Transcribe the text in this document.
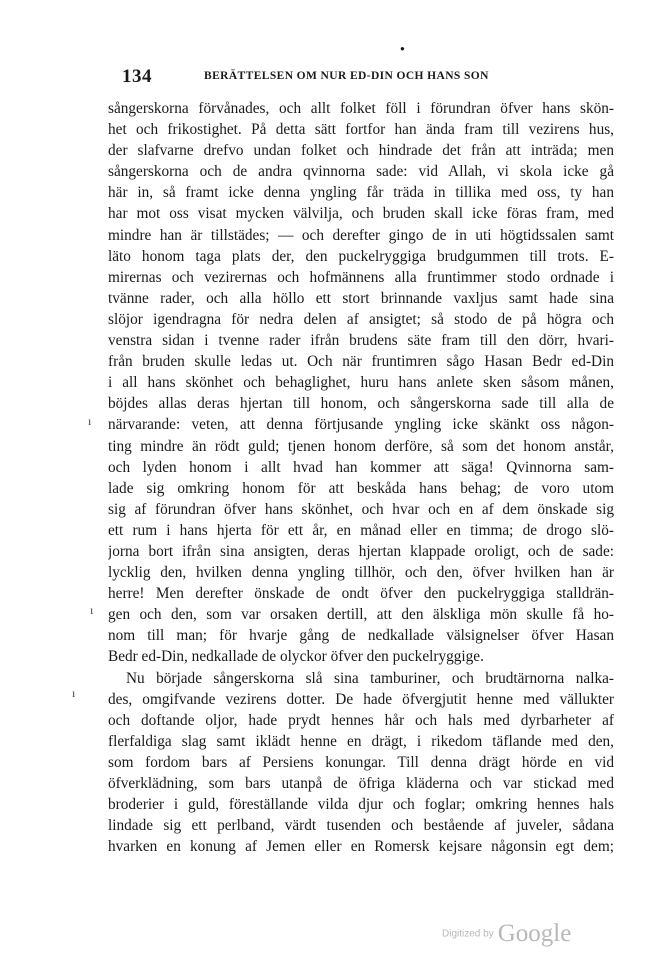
●
134	BERÄTTELSEN OM NUR ED-DIN OCH HANS SON
ı
ı
ı
sångerskorna förvånades, och allt folket föll i förundran öfver hans skön-
het och frikostighet. På detta sätt fortfor han ända fram till vezirens hus,
der slafvarne drefvo undan folket och hindrade det från att inträda; men
sångerskorna och de andra qvinnorna sade: vid Allah, vi skola icke gå
här in, så framt icke denna yngling får träda in tillika med oss, ty han
har mot oss visat mycken välvilja, och bruden skall icke föras fram, med
mindre han är tillstädes; — och derefter gingo de in uti högtidssalen samt
läto honom taga plats der, den puckelryggiga brudgummen till trots. E-
mirernas och vezirernas och hofmännens alla fruntimmer stodo ordnade i
tvänne rader, och alla höllo ett stort brinnande vaxljus samt hade sina
slöjor igendragna för nedra delen af ansigtet; så stodo de på högra och
venstra sidan i tvenne rader ifrån brudens säte fram till den dörr, hvari-
från bruden skulle ledas ut. Och när fruntimren sågo Hasan Bedr ed-Din
i all hans skönhet och behaglighet, huru hans anlete sken såsom månen,
böjdes allas deras hjertan till honom, och sångerskorna sade till alla de
närvarande: veten, att denna förtjusande yngling icke skänkt oss någon-
ting mindre än rödt guld; tjenen honom derföre, så som det honom anstår,
och lyden honom i allt hvad han kommer att säga! Qvinnorna sam-
lade sig omkring honom för att beskåda hans behag; de voro utom
sig af förundran öfver hans skönhet, och hvar och en af dem önskade sig
ett rum i hans hjerta för ett år, en månad eller en timma; de drogo slö-
jorna bort ifrån sina ansigten, deras hjertan klappade oroligt, och de sade:
lycklig den, hvilken denna yngling tillhör, och den, öfver hvilken han är
herre! Men derefter önskade de ondt öfver den puckelryggiga stalldrän-
gen och den, som var orsaken dertill, att den älskliga mön skulle få ho-
nom till man; för hvarje gång de nedkallade välsignelser öfver Hasan
Bedr ed-Din, nedkallade de olyckor öfver den puckelryggige.
Nu började sångerskorna slå sina tamburiner, och brudtärnorna nalka-
des, omgifvande vezirens dotter. De hade öfvergjutit henne med vällukter
och doftande oljor, hade prydt hennes hår och hals med dyrbarheter af
flerfaldiga slag samt iklädt henne en drägt, i rikedom täflande med den,
som fordom bars af Persiens konungar. Till denna drägt hörde en vid
öfverklädning, som bars utanpå de öfriga kläderna och var stickad med
broderier i guld, föreställande vilda djur och foglar; omkring hennes hals
lindade sig ett perlband, värdt tusenden och bestående af juveler, sådana
hvarken en konung af Jemen eller en Romersk kejsare någonsin egt dem;
Digitized by Google
